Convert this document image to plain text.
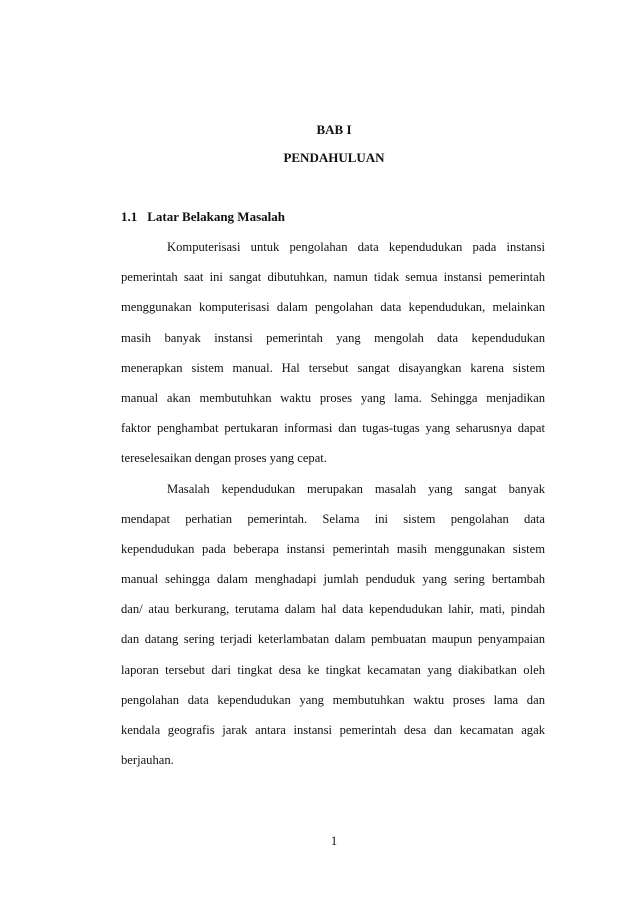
BAB I
PENDAHULUAN
1.1 Latar Belakang Masalah
Komputerisasi untuk pengolahan data kependudukan pada instansi
pemerintah saat ini sangat dibutuhkan, namun tidak semua instansi pemerintah
menggunakan komputerisasi dalam pengolahan data kependudukan, melainkan
masih banyak instansi pemerintah yang mengolah data kependudukan
menerapkan sistem manual. Hal tersebut sangat disayangkan karena sistem
manual akan membutuhkan waktu proses yang lama. Sehingga menjadikan
faktor penghambat pertukaran informasi dan tugas-tugas yang seharusnya dapat
tereselesaikan dengan proses yang cepat.
Masalah kependudukan merupakan masalah yang sangat banyak
mendapat perhatian pemerintah. Selama ini sistem pengolahan data
kependudukan pada beberapa instansi pemerintah masih menggunakan sistem
manual sehingga dalam menghadapi jumlah penduduk yang sering bertambah
dan/ atau berkurang, terutama dalam hal data kependudukan lahir, mati, pindah
dan datang sering terjadi keterlambatan dalam pembuatan maupun penyampaian
laporan tersebut dari tingkat desa ke tingkat kecamatan yang diakibatkan oleh
pengolahan data kependudukan yang membutuhkan waktu proses lama dan
kendala geografis jarak antara instansi pemerintah desa dan kecamatan agak
berjauhan.
1
